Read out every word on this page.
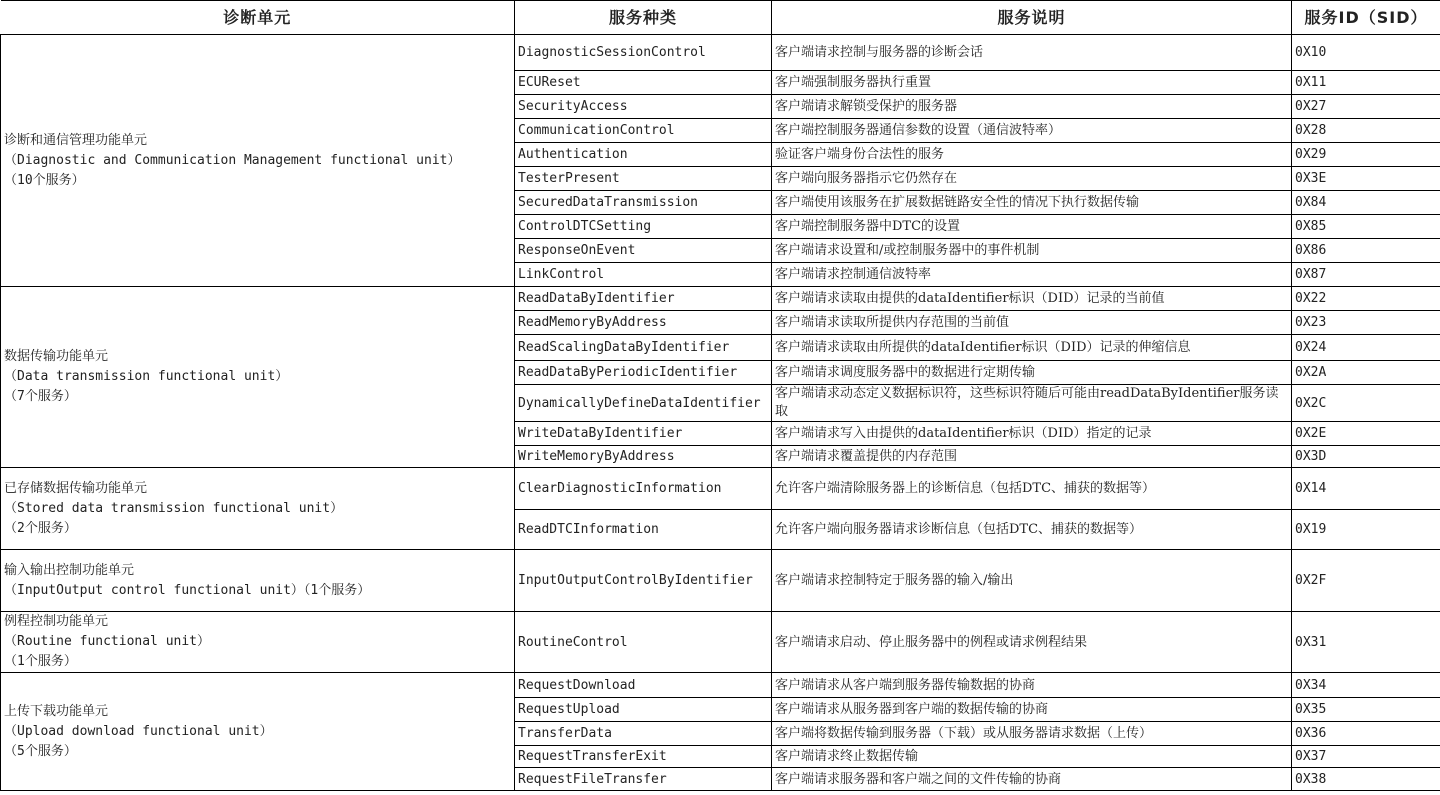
诊断单元	服务种类	服务说明	服务ID（SID）

诊断和通信管理功能单元
（Diagnostic and Communication Management functional unit）
（10个服务）	DiagnosticSessionControl	客户端请求控制与服务器的诊断会话	0X10
	ECUReset	客户端强制服务器执行重置	0X11
	SecurityAccess	客户端请求解锁受保护的服务器	0X27
	CommunicationControl	客户端控制服务器通信参数的设置（通信波特率）	0X28
	Authentication	验证客户端身份合法性的服务	0X29
	TesterPresent	客户端向服务器指示它仍然存在	0X3E
	SecuredDataTransmission	客户端使用该服务在扩展数据链路安全性的情况下执行数据传输	0X84
	ControlDTCSetting	客户端控制服务器中DTC的设置	0X85
	ResponseOnEvent	客户端请求设置和/或控制服务器中的事件机制	0X86
	LinkControl	客户端请求控制通信波特率	0X87

数据传输功能单元
（Data transmission functional unit）
（7个服务）	ReadDataByIdentifier	客户端请求读取由提供的dataIdentifier标识（DID）记录的当前值	0X22
	ReadMemoryByAddress	客户端请求读取所提供内存范围的当前值	0X23
	ReadScalingDataByIdentifier	客户端请求读取由所提供的dataIdentifier标识（DID）记录的伸缩信息	0X24
	ReadDataByPeriodicIdentifier	客户端请求调度服务器中的数据进行定期传输	0X2A
	DynamicallyDefineDataIdentifier	客户端请求动态定义数据标识符，这些标识符随后可能由readDataByIdentifier服务读取	0X2C
	WriteDataByIdentifier	客户端请求写入由提供的dataIdentifier标识（DID）指定的记录	0X2E
	WriteMemoryByAddress	客户端请求覆盖提供的内存范围	0X3D

已存储数据传输功能单元
（Stored data transmission functional unit）
（2个服务）	ClearDiagnosticInformation	允许客户端清除服务器上的诊断信息（包括DTC、捕获的数据等）	0X14
	ReadDTCInformation	允许客户端向服务器请求诊断信息（包括DTC、捕获的数据等）	0X19

输入输出控制功能单元
（InputOutput control functional unit）（1个服务）	InputOutputControlByIdentifier	客户端请求控制特定于服务器的输入/输出	0X2F

例程控制功能单元
（Routine functional unit）
（1个服务）	RoutineControl	客户端请求启动、停止服务器中的例程或请求例程结果	0X31

上传下载功能单元
（Upload download functional unit）
（5个服务）	RequestDownload	客户端请求从客户端到服务器传输数据的协商	0X34
	RequestUpload	客户端请求从服务器到客户端的数据传输的协商	0X35
	TransferData	客户端将数据传输到服务器（下载）或从服务器请求数据（上传）	0X36
	RequestTransferExit	客户端请求终止数据传输	0X37
	RequestFileTransfer	客户端请求服务器和客户端之间的文件传输的协商	0X38
